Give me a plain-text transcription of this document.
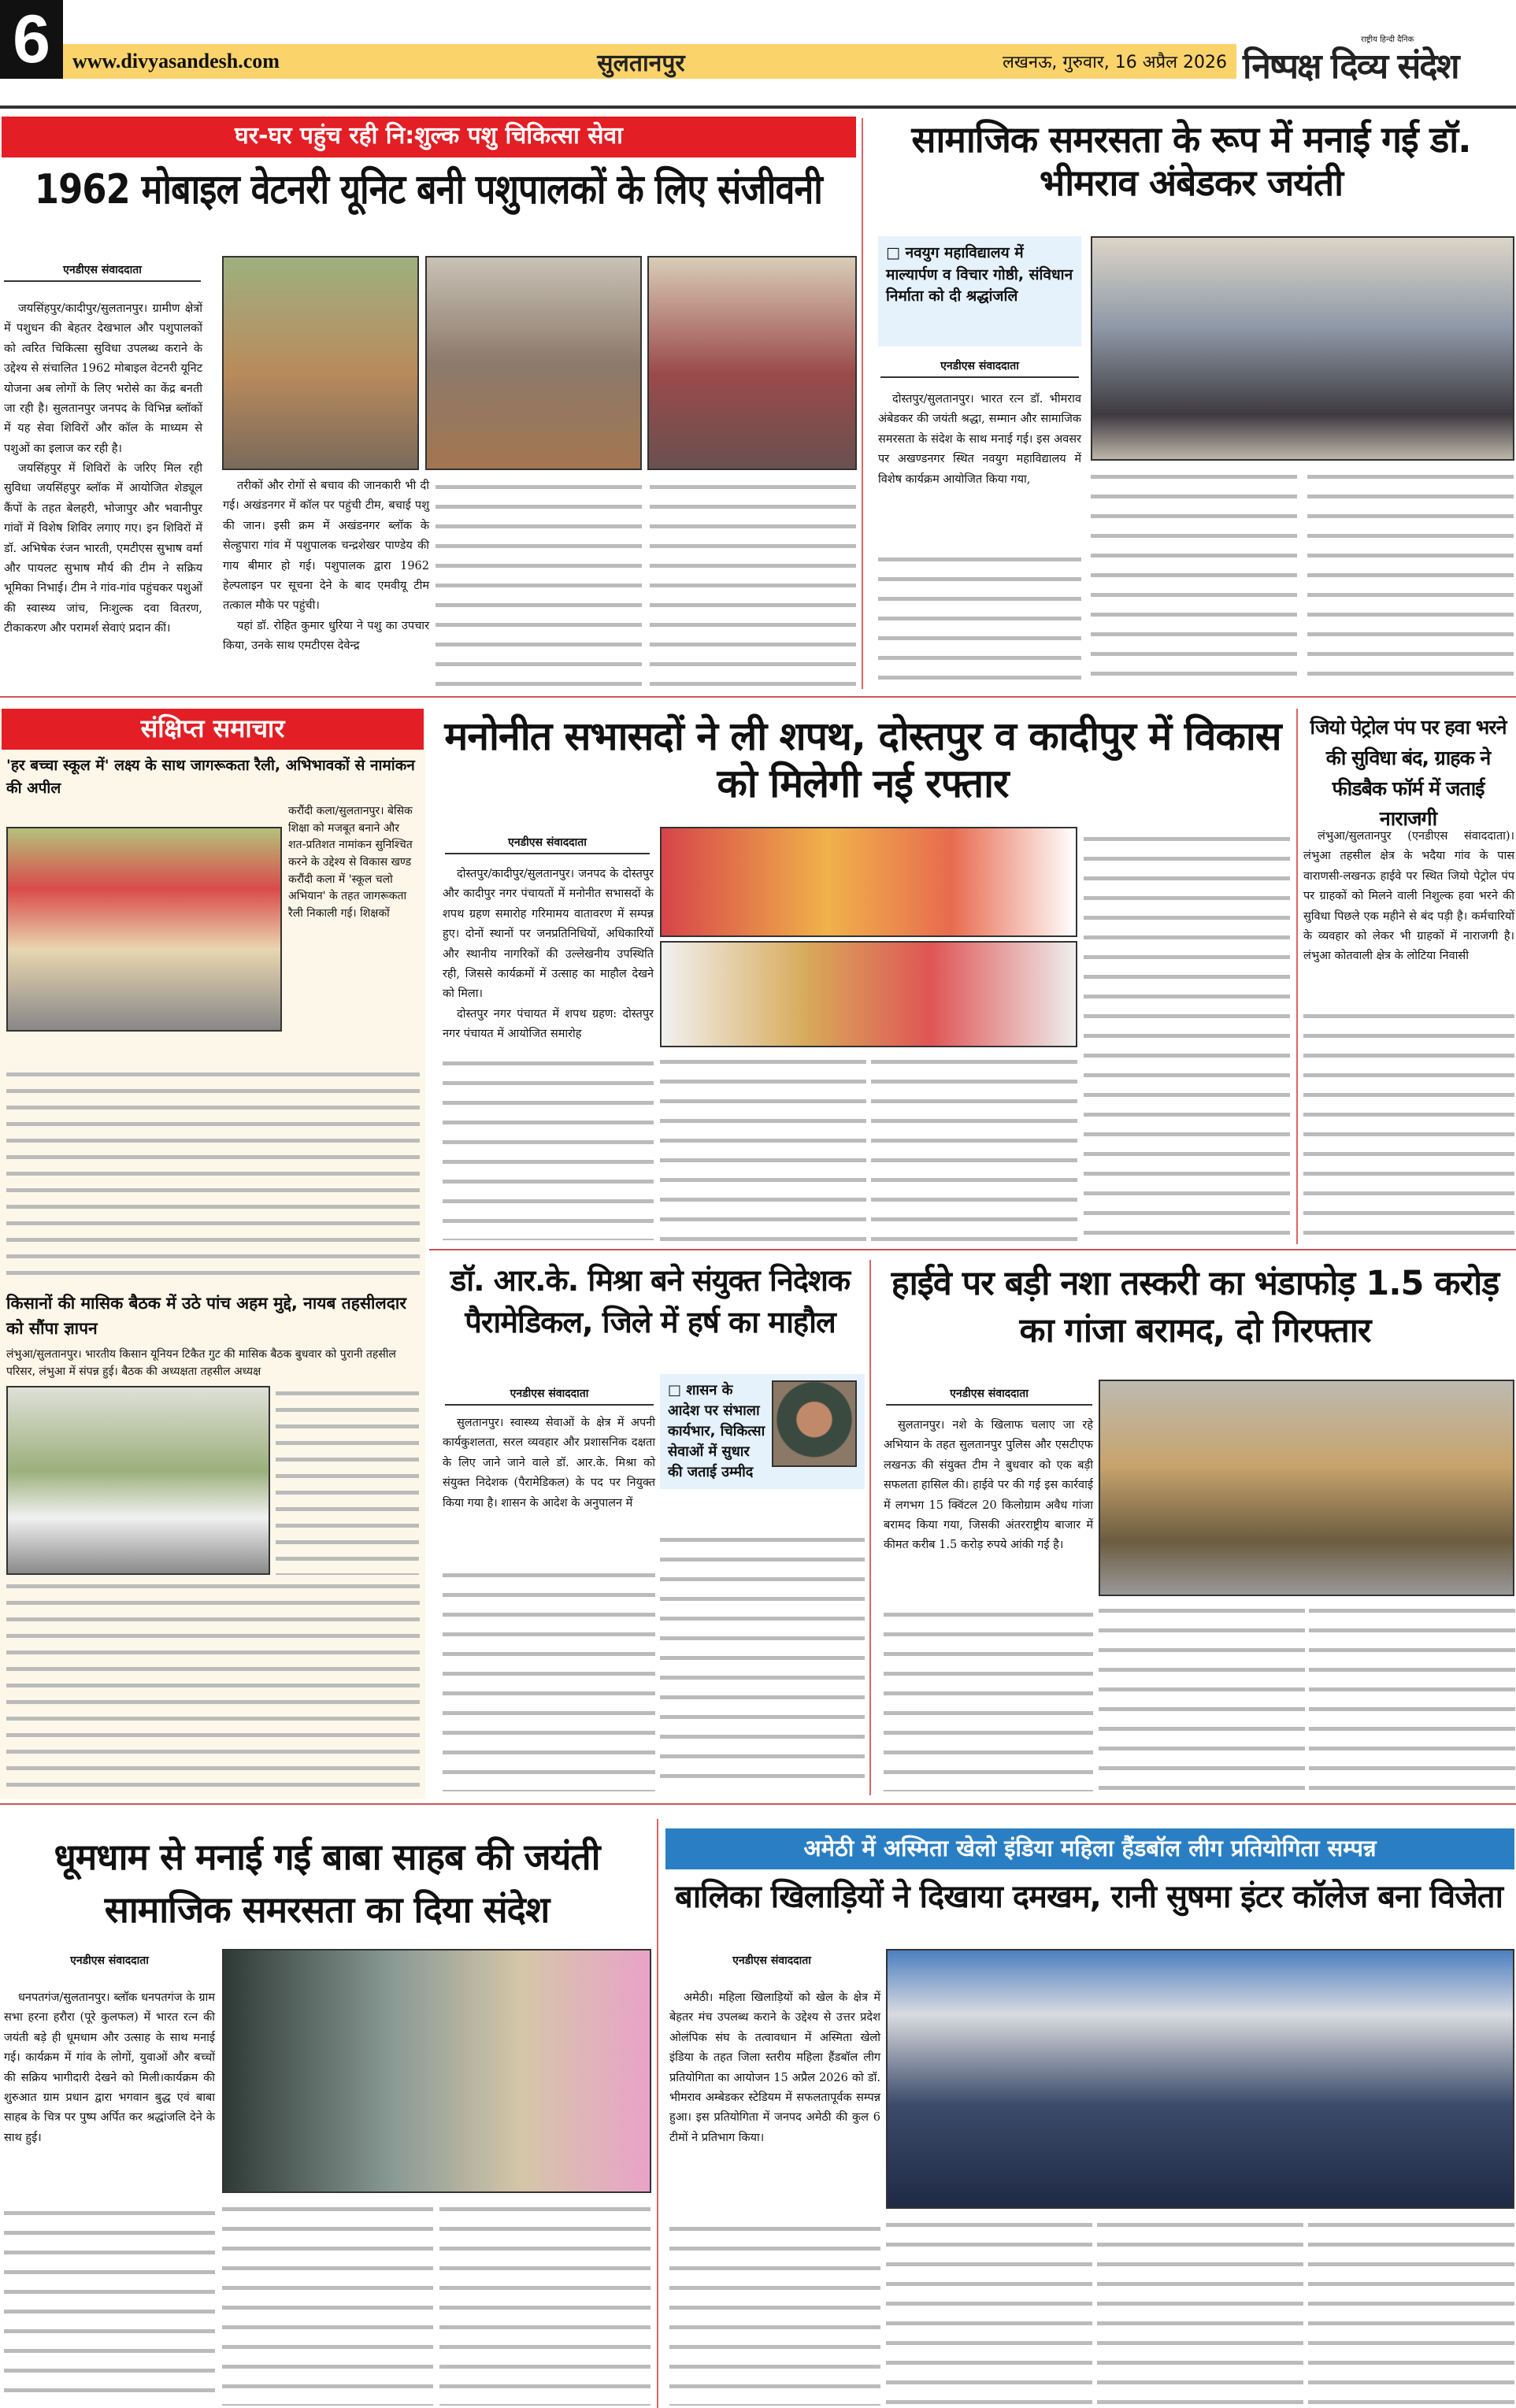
6	www.divyasandesh.com	सुलतानपुर	लखनऊ, गुरुवार, 16 अप्रैल 2026
राष्ट्रीय हिन्दी दैनिक
निष्पक्ष दिव्य संदेश
घर-घर पहुंच रही नि:शुल्क पशु चिकित्सा सेवा
1962 मोबाइल वेटनरी यूनिट बनी पशुपालकों के लिए संजीवनी
एनडीएस संवाददाता

जयसिंहपुर/कादीपुर/सुलतानपुर। ग्रामीण क्षेत्रों में पशुधन की बेहतर देखभाल और पशुपालकों को त्वरित चिकित्सा सुविधा उपलब्ध कराने के उद्देश्य से संचालित 1962 मोबाइल वेटनरी यूनिट योजना अब लोगों के लिए भरोसे का केंद्र बनती जा रही है। सुलतानपुर जनपद के विभिन्न ब्लॉकों में यह सेवा शिविरों और कॉल के माध्यम से पशुओं का इलाज कर रही है।

जयसिंहपुर में शिविरों के जरिए मिल रही सुविधा जयसिंहपुर ब्लॉक में आयोजित शेड्यूल कैंपों के तहत बेलहरी, भोजापुर और भवानीपुर गांवों में विशेष शिविर लगाए गए। इन शिविरों में डॉ. अभिषेक रंजन भारती, एमटीएस सुभाष वर्मा और पायलट सुभाष मौर्य की टीम ने सक्रिय भूमिका निभाई। टीम ने गांव-गांव पहुंचकर पशुओं की स्वास्थ्य जांच, निःशुल्क दवा वितरण, टीकाकरण और परामर्श सेवाएं प्रदान कीं।

तरीकों और रोगों से बचाव की जानकारी भी दी गई। अखंडनगर में कॉल पर पहुंची टीम, बचाई पशु की जान। इसी क्रम में अखंडनगर ब्लॉक के सेल्हुपारा गांव में पशुपालक चन्द्रशेखर पाण्डेय की गाय बीमार हो गई। पशुपालक द्वारा 1962 हेल्पलाइन पर सूचना देने के बाद एमवीयू टीम तत्काल मौके पर पहुंची।

यहां डॉ. रोहित कुमार धुरिया ने पशु का उपचार किया, उनके साथ एमटीएस देवेन्द्र

सामाजिक समरसता के रूप में मनाई गई डॉ. भीमराव अंबेडकर जयंती
□ नवयुग महाविद्यालय में माल्यार्पण व विचार गोष्ठी, संविधान निर्माता को दी श्रद्धांजलि
एनडीएस संवाददाता
दोस्तपुर/सुलतानपुर। भारत रत्न डॉ. भीमराव अंबेडकर की जयंती श्रद्धा, सम्मान और सामाजिक समरसता के संदेश के साथ मनाई गई। इस अवसर पर अखण्डनगर स्थित नवयुग महाविद्यालय में विशेष कार्यक्रम आयोजित किया गया,
संक्षिप्त समाचार
'हर बच्चा स्कूल में' लक्ष्य के साथ जागरूकता रैली, अभिभावकों से नामांकन की अपील
करौंदी कला/सुलतानपुर। बेसिक शिक्षा को मजबूत बनाने और शत-प्रतिशत नामांकन सुनिश्चित करने के उद्देश्य से विकास खण्ड करौंदी कला में 'स्कूल चलो अभियान' के तहत जागरूकता रैली निकाली गई। शिक्षकों
किसानों की मासिक बैठक में उठे पांच अहम मुद्दे, नायब तहसीलदार को सौंपा ज्ञापन
लंभुआ/सुलतानपुर। भारतीय किसान यूनियन टिकैत गुट की मासिक बैठक बुधवार को पुरानी तहसील परिसर, लंभुआ में संपन्न हुई। बैठक की अध्यक्षता तहसील अध्यक्ष
मनोनीत सभासदों ने ली शपथ, दोस्तपुर व कादीपुर में विकास को मिलेगी नई रफ्तार
एनडीएस संवाददाता

दोस्तपुर/कादीपुर/सुलतानपुर। जनपद के दोस्तपुर और कादीपुर नगर पंचायतों में मनोनीत सभासदों के शपथ ग्रहण समारोह गरिमामय वातावरण में सम्पन्न हुए। दोनों स्थानों पर जनप्रतिनिधियों, अधिकारियों और स्थानीय नागरिकों की उल्लेखनीय उपस्थिति रही, जिससे कार्यक्रमों में उत्साह का माहौल देखने को मिला।

दोस्तपुर नगर पंचायत में शपथ ग्रहण: दोस्तपुर नगर पंचायत में आयोजित समारोह

जियो पेट्रोल पंप पर हवा भरने की सुविधा बंद, ग्राहक ने फीडबैक फॉर्म में जताई नाराजगी
लंभुआ/सुलतानपुर (एनडीएस संवाददाता)। लंभुआ तहसील क्षेत्र के भदैया गांव के पास वाराणसी-लखनऊ हाईवे पर स्थित जियो पेट्रोल पंप पर ग्राहकों को मिलने वाली निशुल्क हवा भरने की सुविधा पिछले एक महीने से बंद पड़ी है। कर्मचारियों के व्यवहार को लेकर भी ग्राहकों में नाराजगी है। लंभुआ कोतवाली क्षेत्र के लोटिया निवासी
डॉ. आर.के. मिश्रा बने संयुक्त निदेशक पैरामेडिकल, जिले में हर्ष का माहौल
एनडीएस संवाददाता
सुलतानपुर। स्वास्थ्य सेवाओं के क्षेत्र में अपनी कार्यकुशलता, सरल व्यवहार और प्रशासनिक दक्षता के लिए जाने जाने वाले डॉ. आर.के. मिश्रा को संयुक्त निदेशक (पैरामेडिकल) के पद पर नियुक्त किया गया है। शासन के आदेश के अनुपालन में
□ शासन के आदेश पर संभाला कार्यभार, चिकित्सा सेवाओं में सुधार की जताई उम्मीद
हाईवे पर बड़ी नशा तस्करी का भंडाफोड़ 1.5 करोड़ का गांजा बरामद, दो गिरफ्तार
एनडीएस संवाददाता
सुलतानपुर। नशे के खिलाफ चलाए जा रहे अभियान के तहत सुलतानपुर पुलिस और एसटीएफ लखनऊ की संयुक्त टीम ने बुधवार को एक बड़ी सफलता हासिल की। हाईवे पर की गई इस कार्रवाई में लगभग 15 क्विंटल 20 किलोग्राम अवैध गांजा बरामद किया गया, जिसकी अंतरराष्ट्रीय बाजार में कीमत करीब 1.5 करोड़ रुपये आंकी गई है।
धूमधाम से मनाई गई बाबा साहब की जयंती सामाजिक समरसता का दिया संदेश
एनडीएस संवाददाता
धनपतगंज/सुलतानपुर। ब्लॉक धनपतगंज के ग्राम सभा हरना हरौरा (पूरे कुलफल) में भारत रत्न की जयंती बड़े ही धूमधाम और उत्साह के साथ मनाई गई। कार्यक्रम में गांव के लोगों, युवाओं और बच्चों की सक्रिय भागीदारी देखने को मिली।कार्यक्रम की शुरुआत ग्राम प्रधान द्वारा भगवान बुद्ध एवं बाबा साहब के चित्र पर पुष्प अर्पित कर श्रद्धांजलि देने के साथ हुई।
अमेठी में अस्मिता खेलो इंडिया महिला हैंडबॉल लीग प्रतियोगिता सम्पन्न
बालिका खिलाड़ियों ने दिखाया दमखम, रानी सुषमा इंटर कॉलेज बना विजेता
एनडीएस संवाददाता
अमेठी। महिला खिलाड़ियों को खेल के क्षेत्र में बेहतर मंच उपलब्ध कराने के उद्देश्य से उत्तर प्रदेश ओलंपिक संघ के तत्वावधान में अस्मिता खेलो इंडिया के तहत जिला स्तरीय महिला हैंडबॉल लीग प्रतियोगिता का आयोजन 15 अप्रैल 2026 को डॉ. भीमराव अम्बेडकर स्टेडियम में सफलतापूर्वक सम्पन्न हुआ। इस प्रतियोगिता में जनपद अमेठी की कुल 6 टीमों ने प्रतिभाग किया।
